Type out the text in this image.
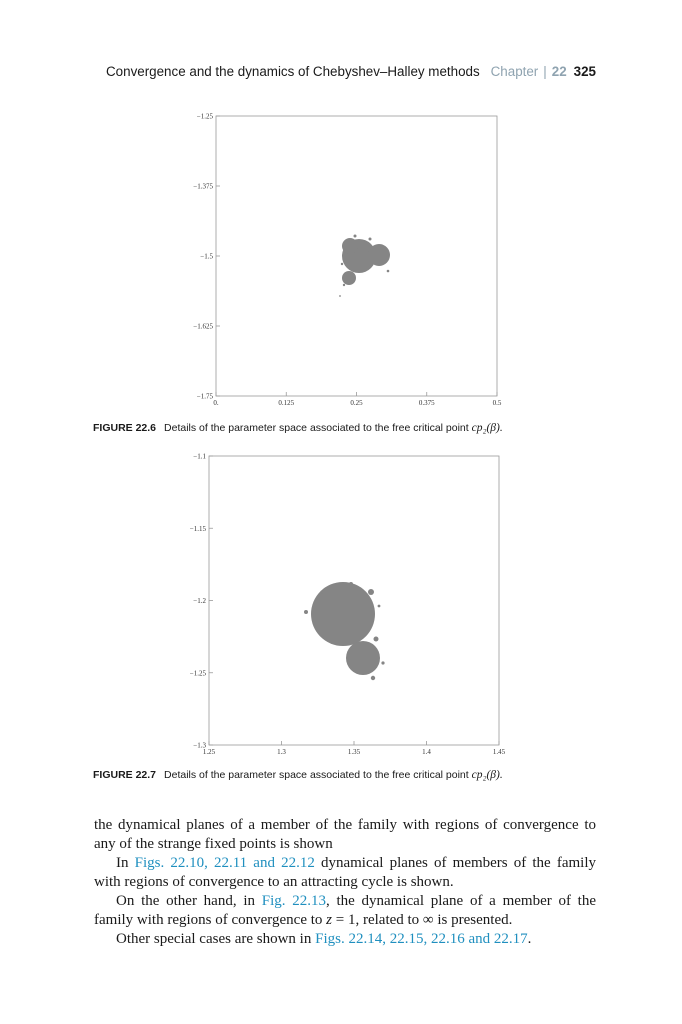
Convergence and the dynamics of Chebyshev–Halley methods Chapter | 22 325
0.	0.125	0.25	0.375	0.5
−1.25
−1.375
−1.5
−1.625
−1.75
FIGURE 22.6 Details of the parameter space associated to the free critical point cp₂(β).
1.25	1.3	1.35	1.4	1.45
−1.1
−1.15
−1.2
−1.25
−1.3
FIGURE 22.7 Details of the parameter space associated to the free critical point cp₂(β).

the dynamical planes of a member of the family with regions of convergence to any of the strange fixed points is shown

In Figs. 22.10, 22.11 and 22.12 dynamical planes of members of the family with regions of convergence to an attracting cycle is shown.

On the other hand, in Fig. 22.13, the dynamical plane of a member of the family with regions of convergence to z = 1, related to ∞ is presented.

Other special cases are shown in Figs. 22.14, 22.15, 22.16 and 22.17.
